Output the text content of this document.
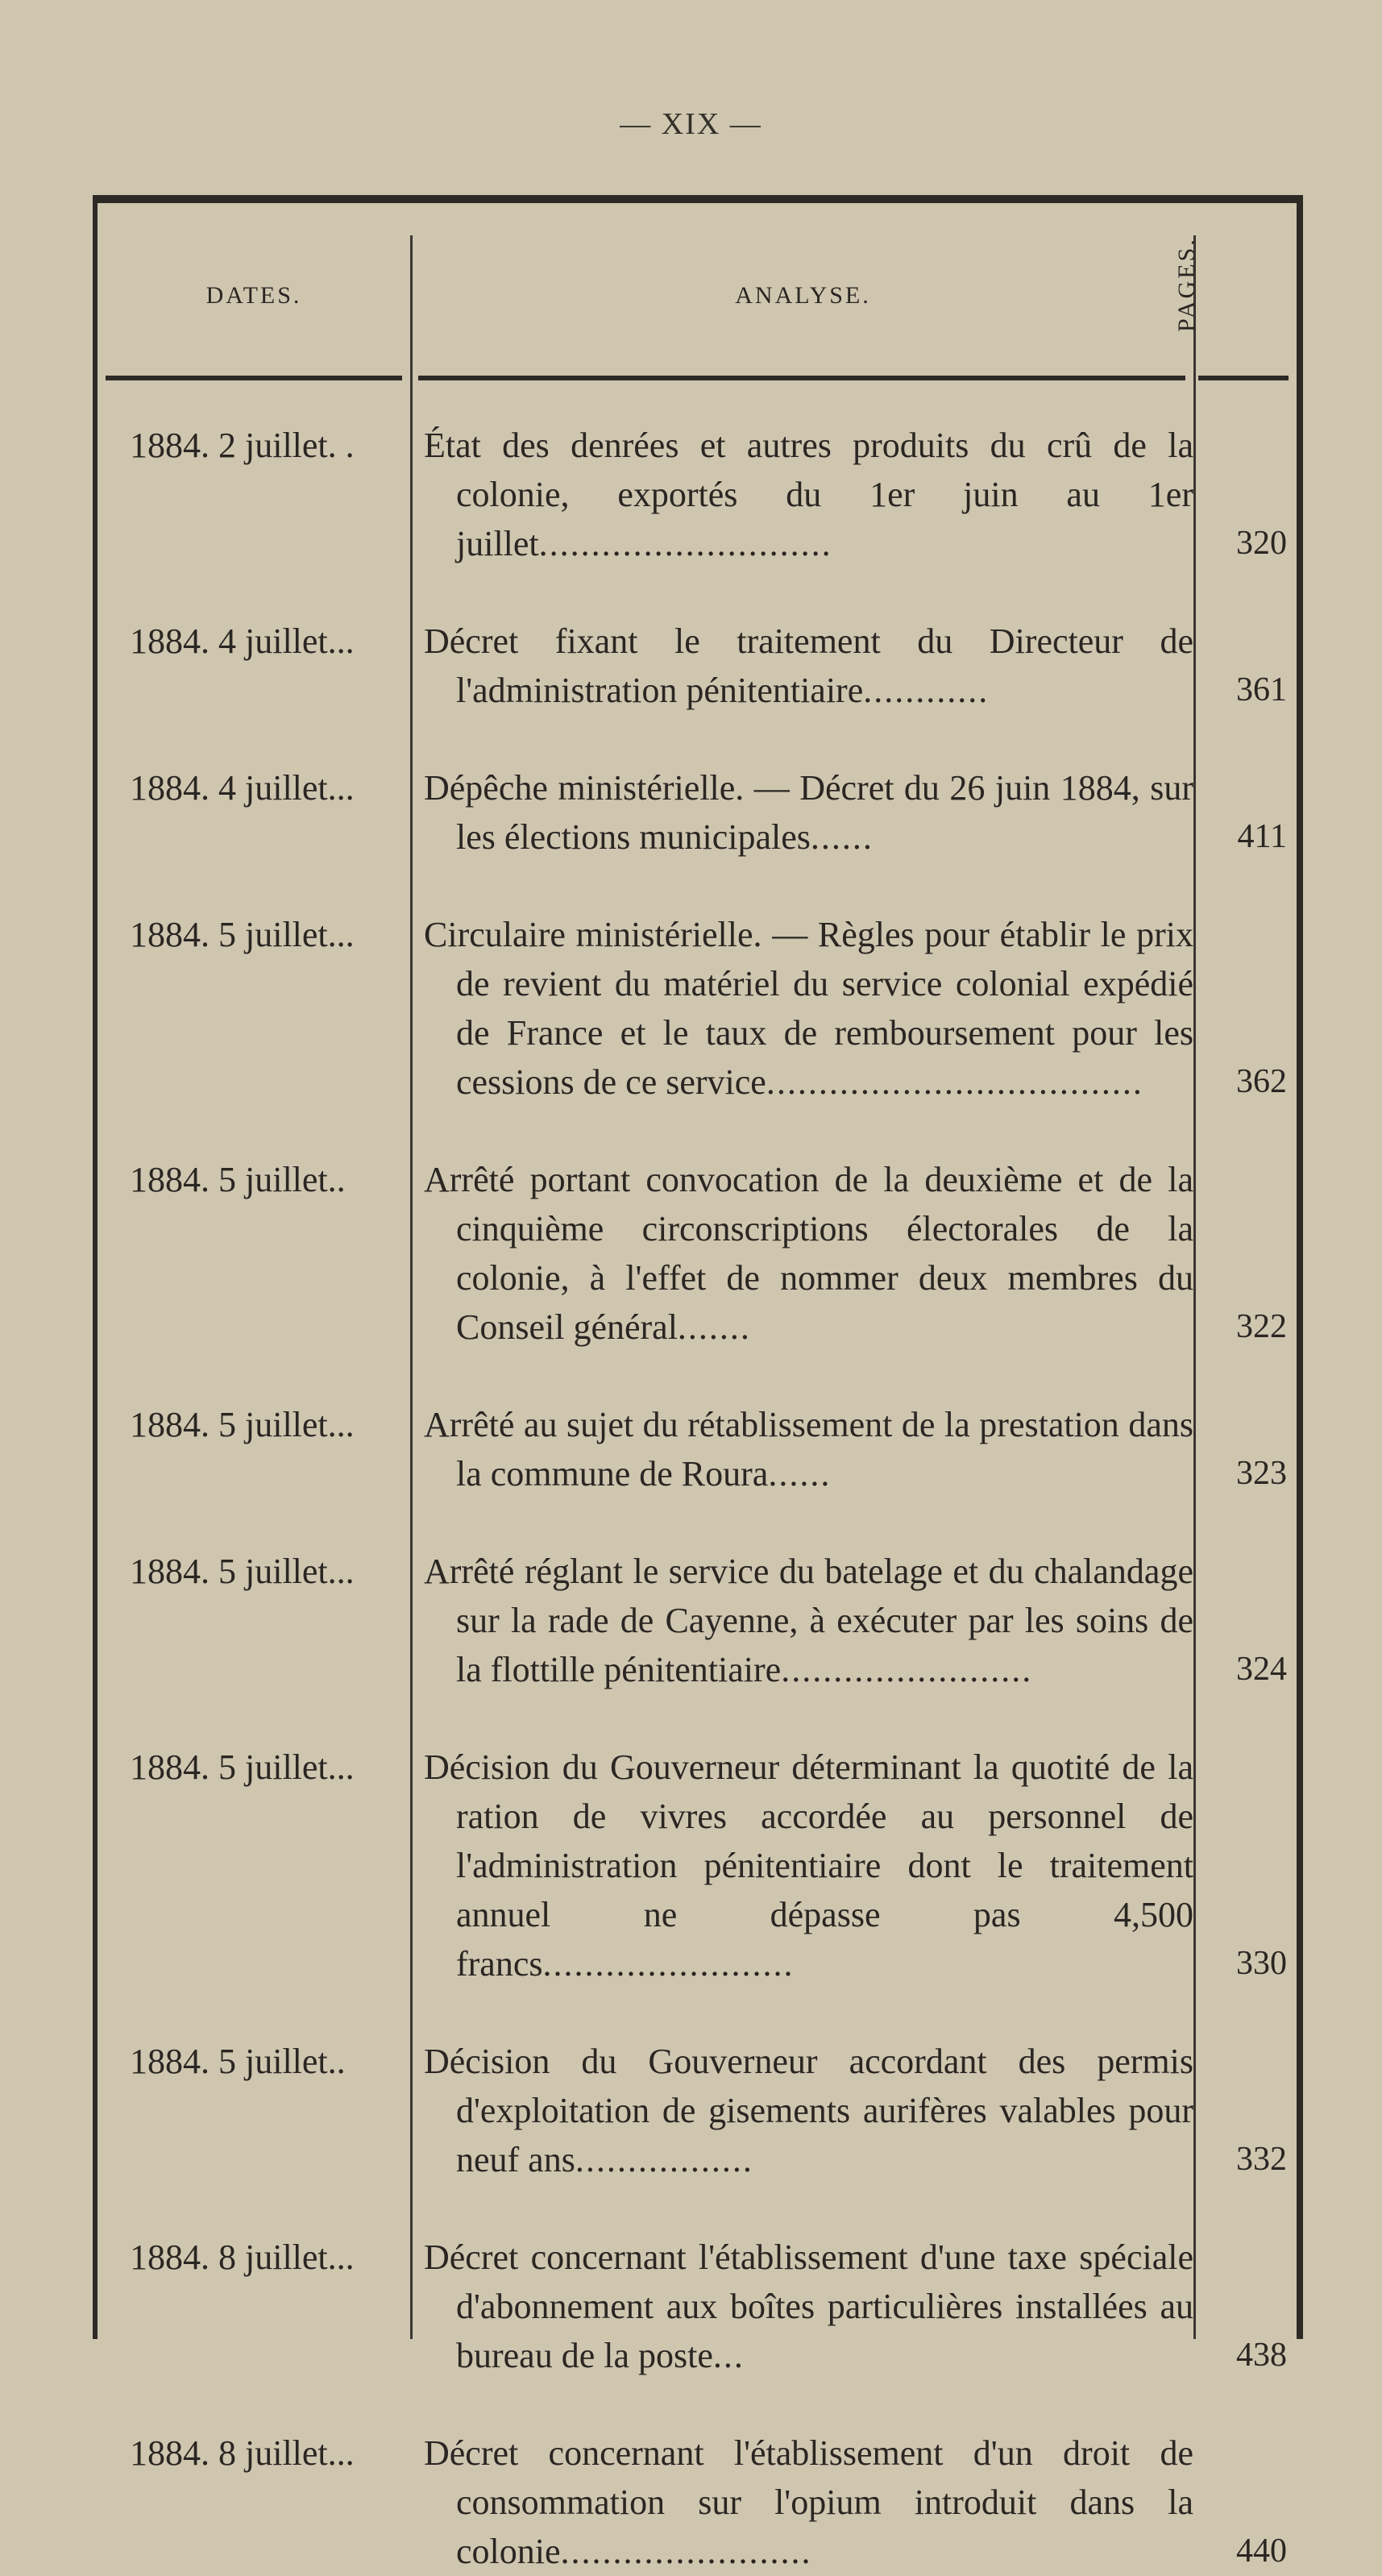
— XIX —
DATES.	ANALYSE.	PAGES.
1884. 2 juillet. .	État des denrées et autres produits du crû de la colonie, exportés du 1er juin au 1er juillet............................	320
1884. 4 juillet...	Décret fixant le traitement du Directeur de l'administration pénitentiaire............	361
1884. 4 juillet...	Dépêche ministérielle. — Décret du 26 juin 1884, sur les élections municipales......	411
1884. 5 juillet...	Circulaire ministérielle. — Règles pour établir le prix de revient du matériel du service colonial expédié de France et le taux de remboursement pour les cessions de ce service....................................	362
1884. 5 juillet..	Arrêté portant convocation de la deuxième et de la cinquième circonscriptions électorales de la colonie, à l'effet de nommer deux membres du Conseil général.......	322
1884. 5 juillet...	Arrêté au sujet du rétablissement de la prestation dans la commune de Roura......	323
1884. 5 juillet...	Arrêté réglant le service du batelage et du chalandage sur la rade de Cayenne, à exécuter par les soins de la flottille pénitentiaire........................	324
1884. 5 juillet...	Décision du Gouverneur déterminant la quotité de la ration de vivres accordée au personnel de l'administration pénitentiaire dont le traitement annuel ne dépasse pas 4,500 francs........................	330
1884. 5 juillet..	Décision du Gouverneur accordant des permis d'exploitation de gisements aurifères valables pour neuf ans.................	332
1884. 8 juillet...	Décret concernant l'établissement d'une taxe spéciale d'abonnement aux boîtes particulières installées au bureau de la poste...	438
1884. 8 juillet...	Décret concernant l'établissement d'un droit de consommation sur l'opium introduit dans la colonie........................	440
